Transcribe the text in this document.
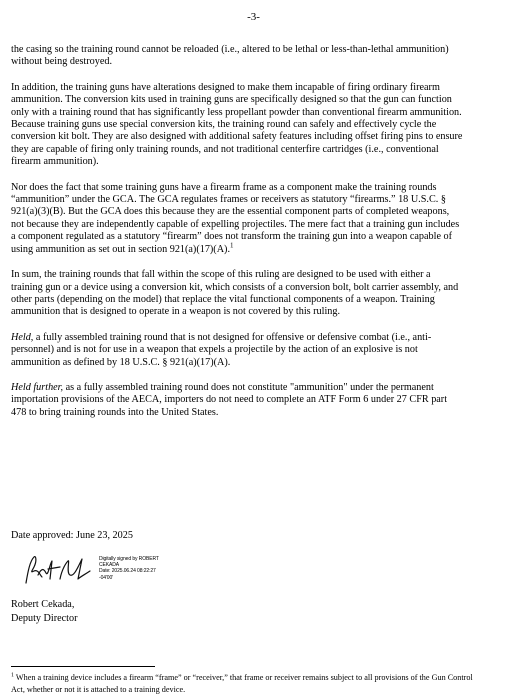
-3-

the casing so the training round cannot be reloaded (i.e., altered to be lethal or less-than-lethal ammunition) without being destroyed.

In addition, the training guns have alterations designed to make them incapable of firing ordinary firearm ammunition. The conversion kits used in training guns are specifically designed so that the gun can function only with a training round that has significantly less propellant powder than conventional firearm ammunition. Because training guns use special conversion kits, the training round can safely and effectively cycle the conversion kit bolt. They are also designed with additional safety features including offset firing pins to ensure they are capable of firing only training rounds, and not traditional centerfire cartridges (i.e., conventional firearm ammunition).

Nor does the fact that some training guns have a firearm frame as a component make the training rounds “ammunition” under the GCA. The GCA regulates frames or receivers as statutory “firearms.” 18 U.S.C. § 921(a)(3)(B). But the GCA does this because they are the essential component parts of completed weapons, not because they are independently capable of expelling projectiles. The mere fact that a training gun includes a component regulated as a statutory “firearm” does not transform the training gun into a weapon capable of using ammunition as set out in section 921(a)(17)(A).$^1$

In sum, the training rounds that fall within the scope of this ruling are designed to be used with either a training gun or a device using a conversion kit, which consists of a conversion bolt, bolt carrier assembly, and other parts (depending on the model) that replace the vital functional components of a weapon. Training ammunition that is designed to operate in a weapon is not covered by this ruling.

Held, a fully assembled training round that is not designed for offensive or defensive combat (i.e., anti-personnel) and is not for use in a weapon that expels a projectile by the action of an explosive is not ammunition as defined by 18 U.S.C. § 921(a)(17)(A).

Held further, as a fully assembled training round does not constitute "ammunition" under the permanent importation provisions of the AECA, importers do not need to complete an ATF Form 6 under 27 CFR part 478 to bring training rounds into the United States.

Date approved: June 23, 2025
Digitally signed by ROBERT
CEKADA
Date: 2025.06.24 08:22:27
-04'00'
Robert Cekada,
Deputy Director
$^1$ When a training device includes a firearm “frame” or “receiver,” that frame or receiver remains subject to all provisions of the Gun Control Act, whether or not it is attached to a training device.
